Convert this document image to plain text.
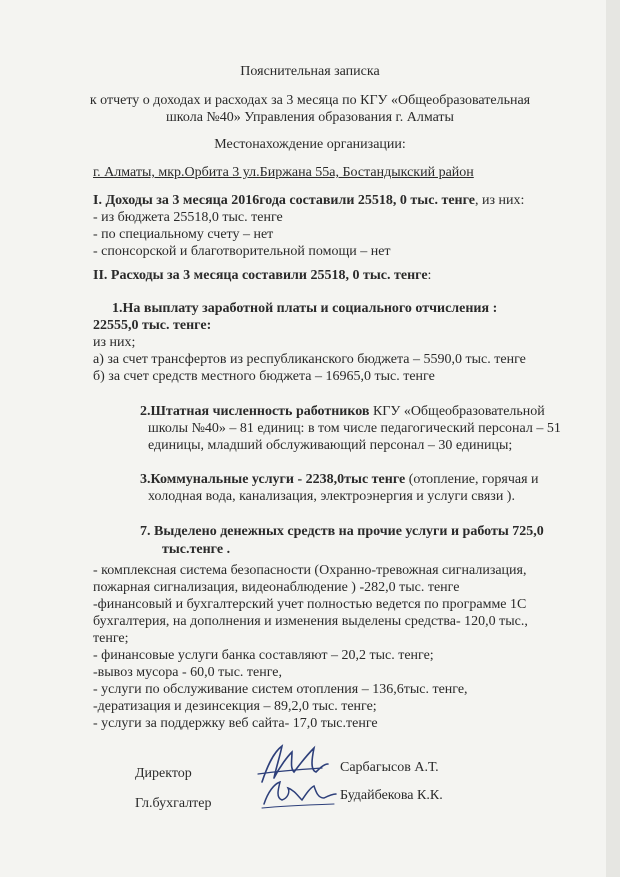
Пояснительная записка
к отчету о доходах и расходах за 3 месяца по КГУ «Общеобразовательная
школа №40» Управления образования г. Алматы
Местонахождение организации:
г. Алматы, мкр.Орбита 3 ул.Биржана 55а, Бостандыкский район
I. Доходы за 3 месяца 2016года составили 25518, 0 тыс. тенге, из них:
- из бюджета 25518,0 тыс. тенге
- по специальному счету – нет
- спонсорской и благотворительной помощи – нет
II. Расходы за 3 месяца составили 25518, 0 тыс. тенге:
1.На выплату заработной платы и социального отчисления :
22555,0 тыс. тенге:
из них;
а) за счет трансфертов из республиканского бюджета – 5590,0 тыс. тенге
б) за счет средств местного бюджета – 16965,0 тыс. тенге
2.Штатная численность работников КГУ «Общеобразовательной
школы №40» – 81 единиц: в том числе педагогический персонал – 51
единицы, младший обслуживающий персонал – 30 единицы;
3.Коммунальные услуги - 2238,0тыс тенге (отопление, горячая и
холодная вода, канализация, электроэнергия и услуги связи ).
7. Выделено денежных средств на прочие услуги и работы 725,0
тыс.тенге .
- комплексная система безопасности (Охранно-тревожная сигнализация,
пожарная сигнализация, видеонаблюдение ) -282,0 тыс. тенге
-финансовый и бухгалтерский учет полностью ведется по программе 1С
бухгалтерия, на дополнения и изменения выделены средства- 120,0 тыс.,
тенге;
- финансовые услуги банка составляют – 20,2 тыс. тенге;
-вывоз мусора - 60,0 тыс. тенге,
- услуги по обслуживание систем отопления – 136,6тыс. тенге,
-дератизация и дезинсекция – 89,2,0 тыс. тенге;
- услуги за поддержку веб сайта- 17,0 тыс.тенге
Директор	Сарбагысов А.Т.
Гл.бухгалтер
Будайбекова К.К.
